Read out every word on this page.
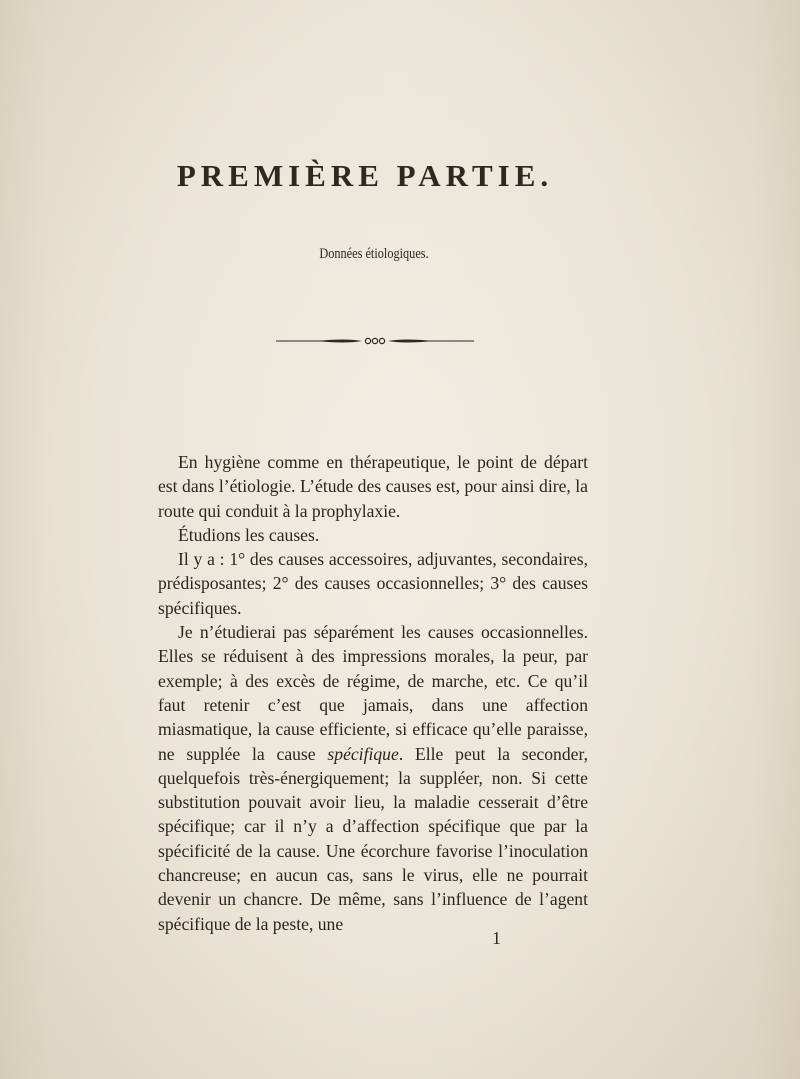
PREMIÈRE PARTIE.
Données étiologiques.

En hygiène comme en thérapeutique, le point de départ est dans l’étiologie. L’étude des causes est, pour ainsi dire, la route qui conduit à la prophylaxie.

Étudions les causes.

Il y a : 1° des causes accessoires, adjuvantes, secondaires, prédisposantes; 2° des causes occasionnelles; 3° des causes spécifiques.

Je n’étudierai pas séparément les causes occasionnelles. Elles se réduisent à des impressions morales, la peur, par exemple; à des excès de régime, de marche, etc. Ce qu’il faut retenir c’est que jamais, dans une affection miasmatique, la cause efficiente, si efficace qu’elle paraisse, ne supplée la cause spécifique. Elle peut la seconder, quelquefois très-énergiquement; la suppléer, non. Si cette substitution pouvait avoir lieu, la maladie cesserait d’être spécifique; car il n’y a d’affection spécifique que par la spécificité de la cause. Une écorchure favorise l’inoculation chancreuse; en aucun cas, sans le virus, elle ne pourrait devenir un chancre. De même, sans l’influence de l’agent spécifique de la peste, une

1
